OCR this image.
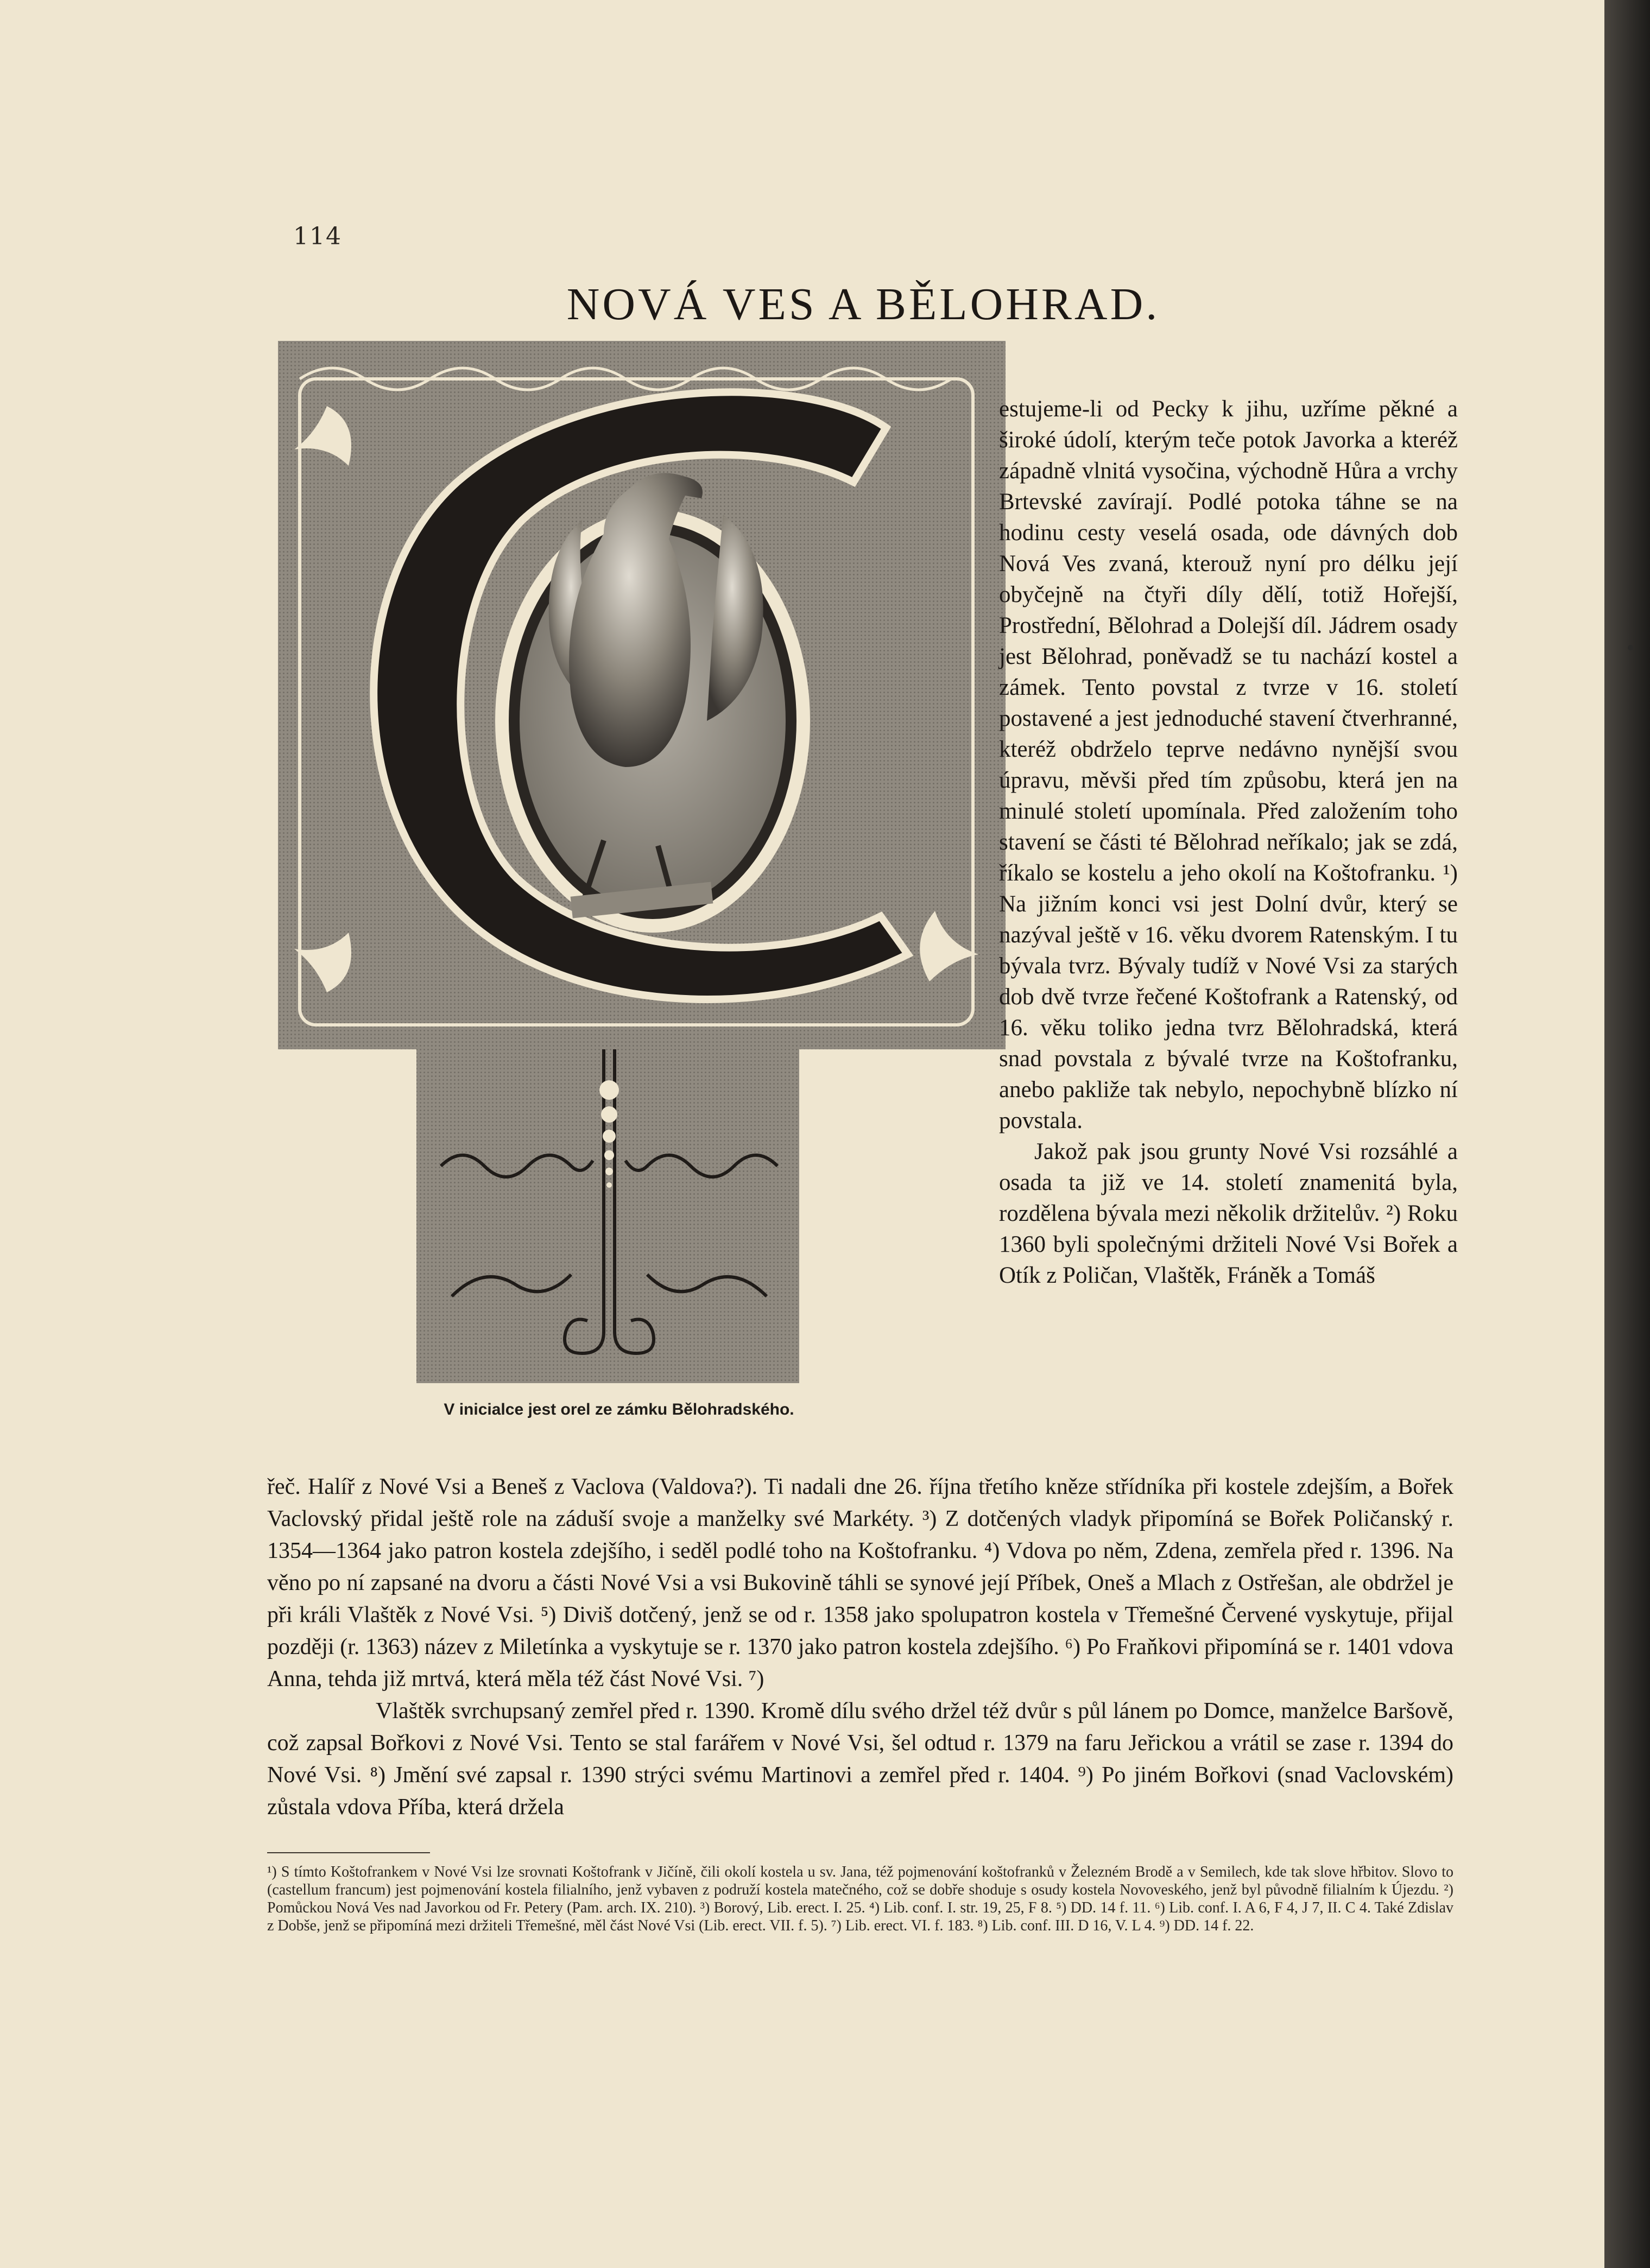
114
NOVÁ VES A BĚLOHRAD.
V inicialce jest orel ze zámku Bělohradského.

estujeme-li od Pecky k jihu, uzříme pěkné a široké údolí, kterým teče potok Javorka a kteréž západně vlnitá vysočina, východně Hůra a vrchy Brtevské zavírají. Podlé potoka táhne se na hodinu cesty veselá osada, ode dávných dob Nová Ves zvaná, kterouž nyní pro délku její obyčejně na čtyři díly dělí, totiž Hořejší, Prostřední, Bělohrad a Dolejší díl. Jádrem osady jest Bělohrad, poněvadž se tu nachází kostel a zámek. Tento povstal z tvrze v 16. století postavené a jest jednoduché stavení čtverhranné, kteréž obdrželo teprve nedávno nynější svou úpravu, měvši před tím způsobu, která jen na minulé století upomínala. Před založením toho stavení se části té Bělohrad neříkalo; jak se zdá, říkalo se kostelu a jeho okolí na Koštofranku. ¹) Na jižním konci vsi jest Dolní dvůr, který se nazýval ještě v 16. věku dvorem Ratenským. I tu bývala tvrz. Bývaly tudíž v Nové Vsi za starých dob dvě tvrze řečené Koštofrank a Ratenský, od 16. věku toliko jedna tvrz Bělohradská, která snad povstala z bývalé tvrze na Koštofranku, anebo pakliže tak nebylo, nepochybně blízko ní povstala.

Jakož pak jsou grunty Nové Vsi rozsáhlé a osada ta již ve 14. století znamenitá byla, rozdělena bývala mezi několik držitelův. ²) Roku 1360 byli společnými držiteli Nové Vsi Bořek a Otík z Poličan, Vlaštěk, Fráněk a Tomáš

řeč. Halíř z Nové Vsi a Beneš z Vaclova (Valdova?). Ti nadali dne 26. října třetího kněze střídníka při kostele zdejším, a Bořek Vaclovský přidal ještě role na záduší svoje a manželky své Markéty. ³) Z dotčených vladyk připomíná se Bořek Poličanský r. 1354—1364 jako patron kostela zdejšího, i seděl podlé toho na Koštofranku. ⁴) Vdova po něm, Zdena, zemřela před r. 1396. Na věno po ní zapsané na dvoru a části Nové Vsi a vsi Bukovině táhli se synové její Příbek, Oneš a Mlach z Ostřešan, ale obdržel je při králi Vlaštěk z Nové Vsi. ⁵) Diviš dotčený, jenž se od r. 1358 jako spolupatron kostela v Třemešné Červené vyskytuje, přijal později (r. 1363) název z Miletínka a vyskytuje se r. 1370 jako patron kostela zdejšího. ⁶) Po Fraňkovi připomíná se r. 1401 vdova Anna, tehda již mrtvá, která měla též část Nové Vsi. ⁷)

Vlaštěk svrchupsaný zemřel před r. 1390. Kromě dílu svého držel též dvůr s půl lánem po Domce, manželce Baršově, což zapsal Bořkovi z Nové Vsi. Tento se stal farářem v Nové Vsi, šel odtud r. 1379 na faru Jeřickou a vrátil se zase r. 1394 do Nové Vsi. ⁸) Jmění své zapsal r. 1390 strýci svému Martinovi a zemřel před r. 1404. ⁹) Po jiném Bořkovi (snad Vaclovském) zůstala vdova Příba, která držela

¹) S tímto Koštofrankem v Nové Vsi lze srovnati Koštofrank v Jičíně, čili okolí kostela u sv. Jana, též pojmenování koštofranků v Železném Brodě a v Semilech, kde tak slove hřbitov. Slovo to (castellum francum) jest pojmenování kostela filialního, jenž vybaven z podruží kostela matečného, což se dobře shoduje s osudy kostela Novoveského, jenž byl původně filialním k Újezdu. ²) Pomůckou Nová Ves nad Javorkou od Fr. Petery (Pam. arch. IX. 210). ³) Borový, Lib. erect. I. 25. ⁴) Lib. conf. I. str. 19, 25, F 8. ⁵) DD. 14 f. 11. ⁶) Lib. conf. I. A 6, F 4, J 7, II. C 4. Také Zdislav z Dobše, jenž se připomíná mezi držiteli Třemešné, měl část Nové Vsi (Lib. erect. VII. f. 5). ⁷) Lib. erect. VI. f. 183. ⁸) Lib. conf. III. D 16, V. L 4. ⁹) DD. 14 f. 22.
